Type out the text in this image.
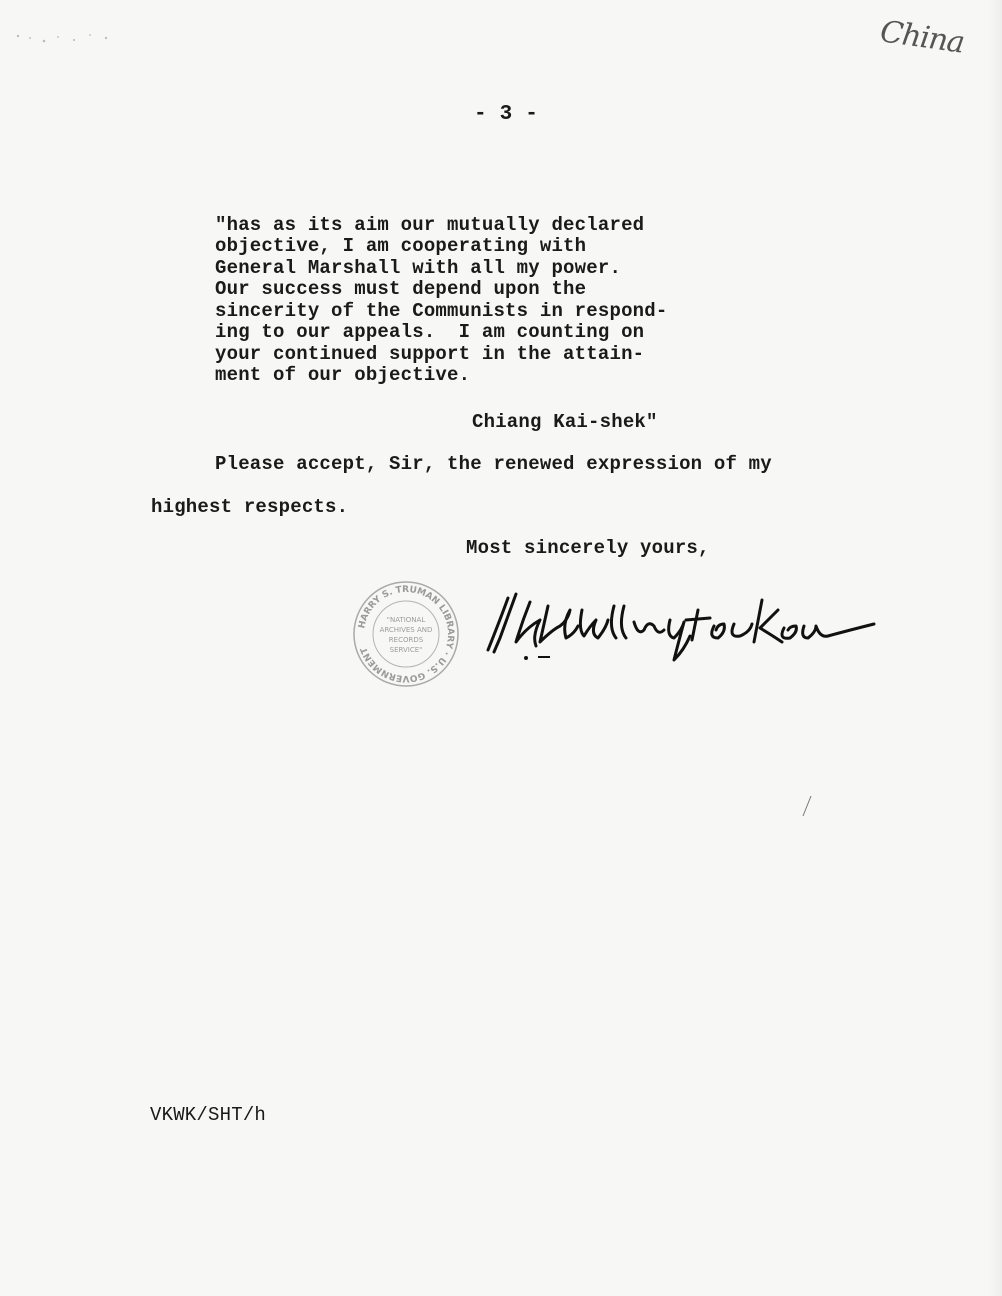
China
- 3 -
"has as its aim our mutually declared
objective, I am cooperating with
General Marshall with all my power.
Our success must depend upon the
sincerity of the Communists in respond-
ing to our appeals.  I am counting on
your continued support in the attain-
ment of our objective.
Chiang Kai-shek"
Please accept, Sir, the renewed expression of my
highest respects.
Most sincerely yours,
HARRY S. TRUMAN LIBRARY · U.S. GOVERNMENT
"NATIONAL
ARCHIVES AND
RECORDS
SERVICE"
VKWK/SHT/h
